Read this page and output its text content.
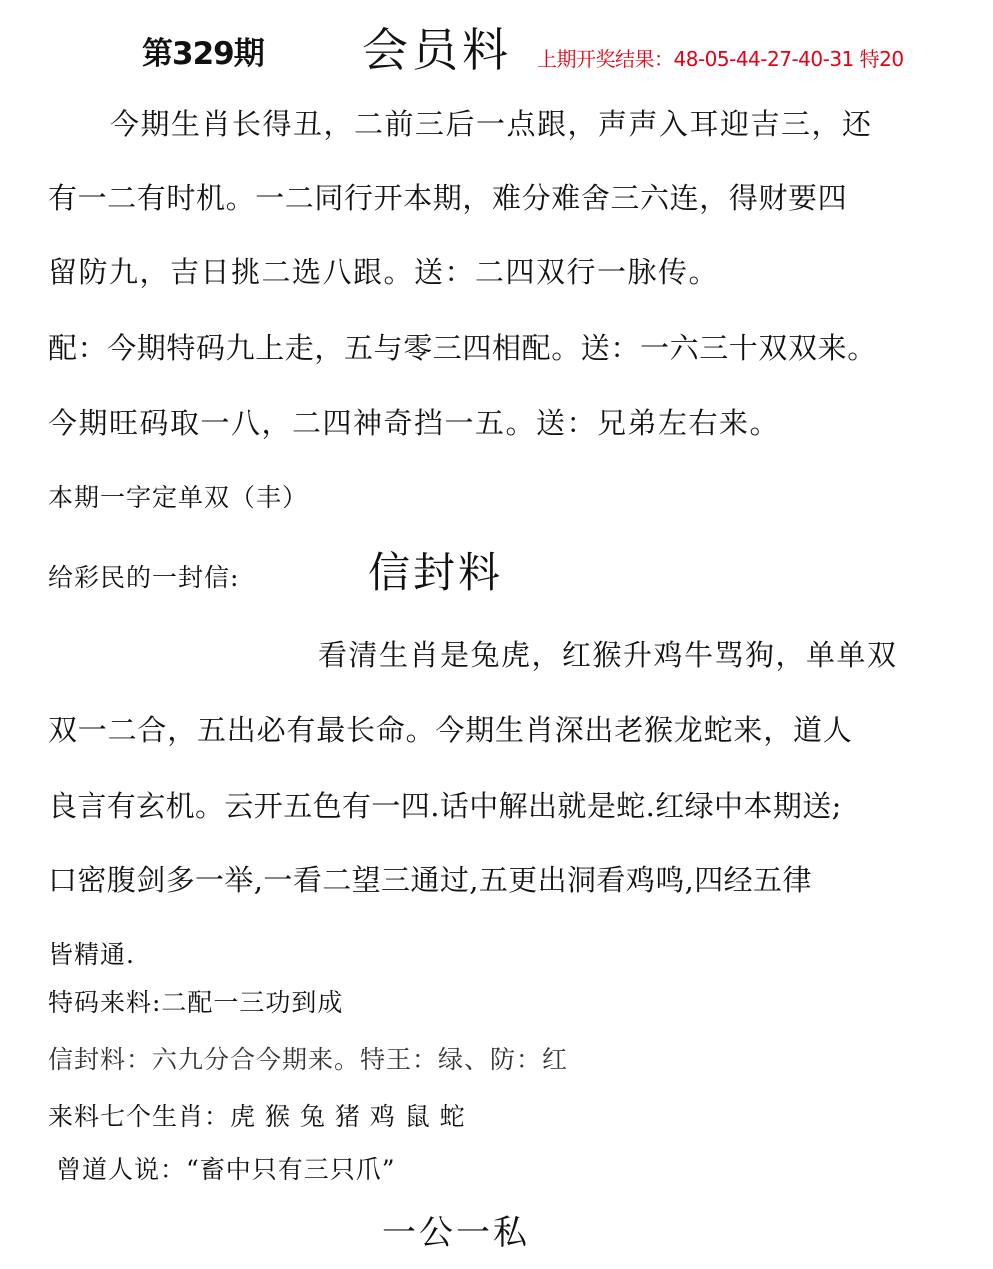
第329期 会员料 上期开奖结果：48-05-44-27-40-31 特20
今期生肖长得丑，二前三后一点跟，声声入耳迎吉三，还
有一二有时机。一二同行开本期，难分难舍三六连，得财要四
留防九，吉日挑二选八跟。送：二四双行一脉传。
配：今期特码九上走，五与零三四相配。送：一六三十双双来。
今期旺码取一八，二四神奇挡一五。送：兄弟左右来。
本期一字定单双（丰）
给彩民的一封信:	信封料
看清生肖是兔虎，红猴升鸡牛骂狗，单单双
双一二合，五出必有最长命。今期生肖深出老猴龙蛇来，道人
良言有玄机。云开五色有一四.话中解出就是蛇.红绿中本期送;
口密腹剑多一举,一看二望三通过,五更出洞看鸡鸣,四经五律
皆精通.
特码来料:二配一三功到成
信封料：六九分合今期来。特王：绿、防：红
来料七个生肖：虎 猴 兔 猪 鸡 鼠 蛇
曾道人说：“畜中只有三只爪”
一公一私
